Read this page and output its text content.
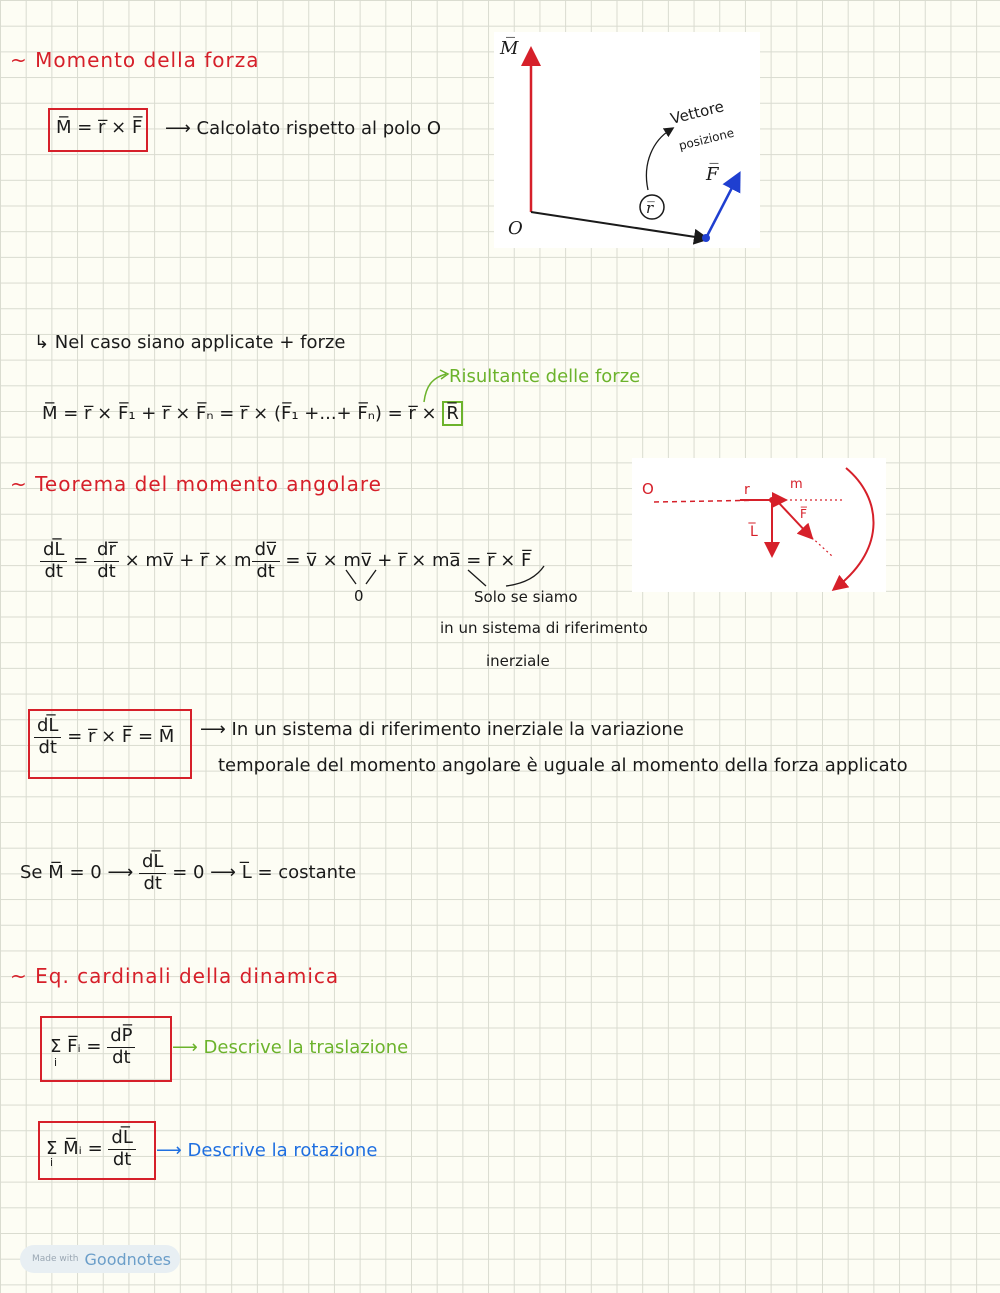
~ Momento della forza
M̅ = r̅ × F̅ ⟶ Calcolato rispetto al polo O
M̅
O
r̅
F̅
Vettore
posizione
↳ Nel caso siano applicate + forze
Risultante delle forze
M̅ = r̅ × F̅₁ + r̅ × F̅ₙ = r̅ × (F̅₁ +...+ F̅ₙ) = r̅ × R̅
~ Teorema del momento angolare	O	r	m
L̅
F̅
$\frac{dL̅}{dt} = \frac{dr̅}{dt}$ × mv̅ + r̅ × m $\frac{dv̅}{dt}$ = v̅ × mv̅ + r̅ × ma̅ = r̅ × F̅
0	Solo se siamo
in un sistema di riferimento
inerziale
$\frac{dL̅}{dt}$ = r̅ × F̅ = M̅ ⟶ In un sistema di riferimento inerziale la variazione
temporale del momento angolare è uguale al momento della forza applicato
Se M̅ = 0 ⟶ $\frac{dL̅}{dt} = 0$ ⟶ L̅ = costante
~ Eq. cardinali della dinamica
Σ F̅ᵢ = $\frac{dP̅}{dt}$
i
⟶ Descrive la traslazione
Σ M̅ᵢ = $\frac{dL̅}{dt}$
i
⟶ Descrive la rotazione
Made with Goodnotes
